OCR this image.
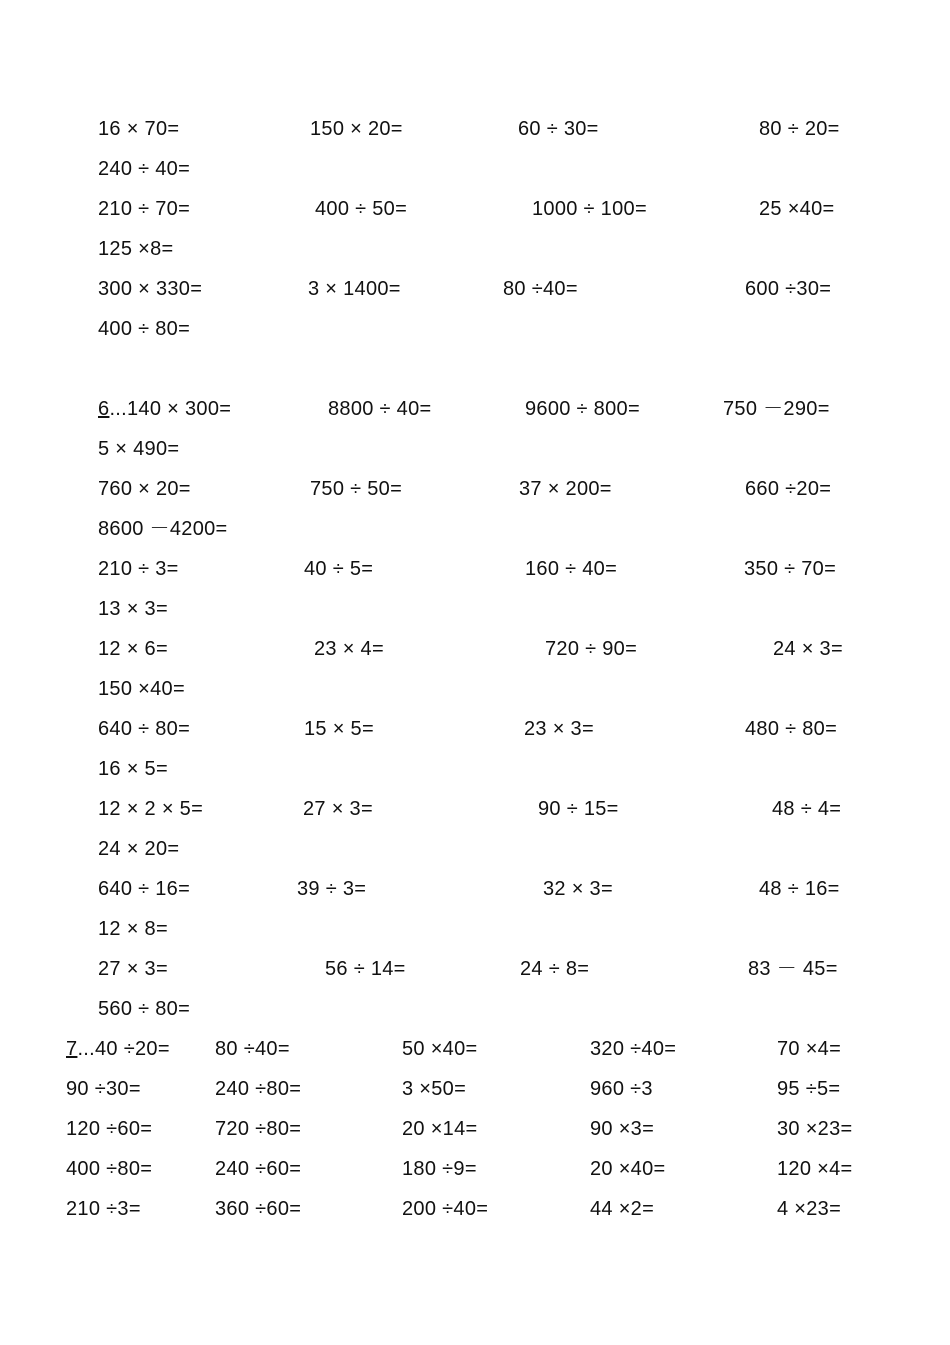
16 × 70=	150 × 20=	60 ÷ 30=	80 ÷ 20=
240 ÷ 40=
210 ÷ 70=	400 ÷ 50=	1000 ÷ 100=	25 ×40=
125 ×8=
300 × 330=	3 × 1400=	80 ÷40=	600 ÷30=
400 ÷ 80=
6...140 × 300=	8800 ÷ 40=	9600 ÷ 800=	750 －290=
5 × 490=
760 × 20=	750 ÷ 50=	37 × 200=	660 ÷20=
8600 －4200=
210 ÷ 3=	40 ÷ 5=	160 ÷ 40=	350 ÷ 70=
13 × 3=
12 × 6=	23 × 4=	720 ÷ 90=	24 × 3=
150 ×40=
640 ÷ 80=	15 × 5=	23 × 3=	480 ÷ 80=
16 × 5=
12 × 2 × 5=	27 × 3=	90 ÷ 15=	48 ÷ 4=
24 × 20=
640 ÷ 16=	39 ÷ 3=	32 × 3=	48 ÷ 16=
12 × 8=
27 × 3=	56 ÷ 14=	24 ÷ 8=	83 － 45=
560 ÷ 80=
7...40 ÷20= 80 ÷40=	50 ×40=	320 ÷40=	70 ×4=
90 ÷30=	240 ÷80=	3 ×50=	960 ÷3	95 ÷5=
120 ÷60=	720 ÷80=	20 ×14=	90 ×3=	30 ×23=
400 ÷80=	240 ÷60=	180 ÷9=	20 ×40=	120 ×4=
210 ÷3=	360 ÷60=	200 ÷40=	44 ×2=	4 ×23=
